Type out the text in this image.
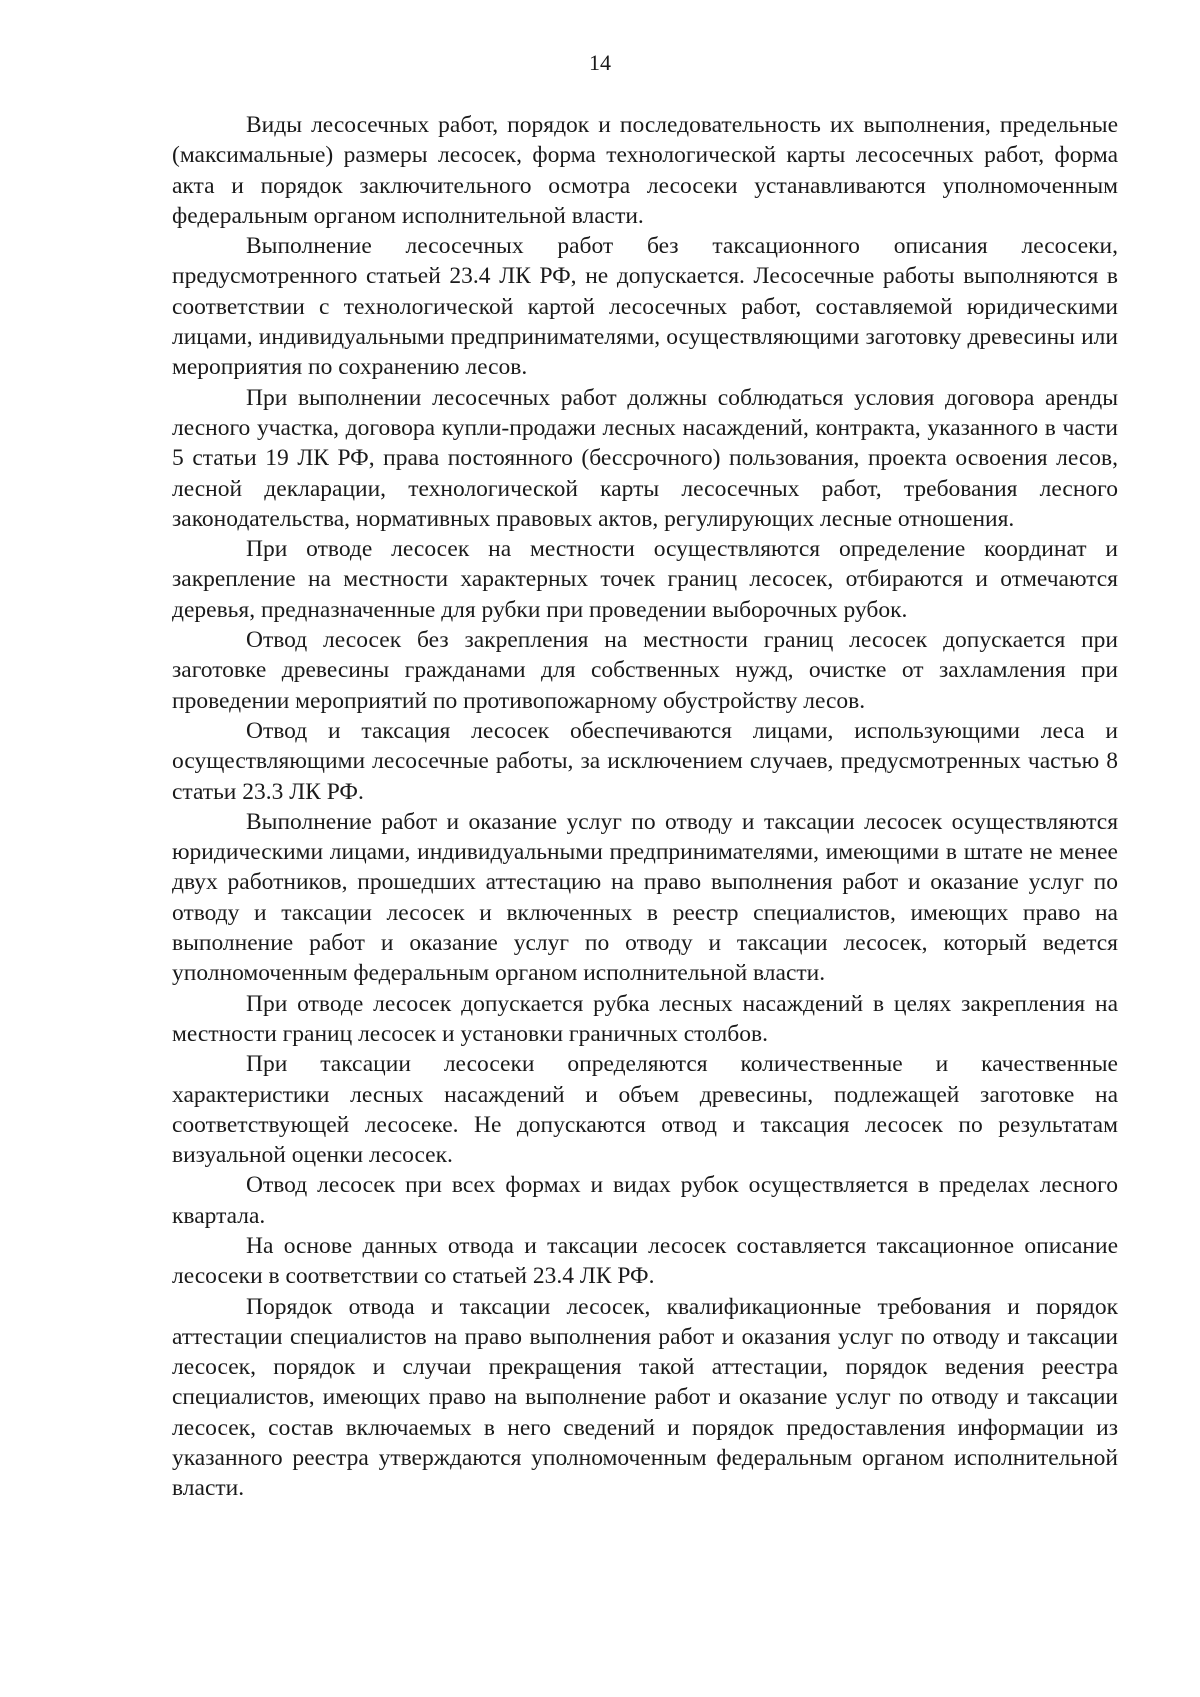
14

Виды лесосечных работ, порядок и последовательность их выполнения, предельные (максимальные) размеры лесосек, форма технологической карты лесосечных работ, форма акта и порядок заключительного осмотра лесосеки устанавливаются уполномоченным федеральным органом исполнительной власти.

Выполнение лесосечных работ без таксационного описания лесосеки, предусмотренного статьей 23.4 ЛК РФ, не допускается. Лесосечные работы выполняются в соответствии с технологической картой лесосечных работ, составляемой юридическими лицами, индивидуальными предпринимателями, осуществляющими заготовку древесины или мероприятия по сохранению лесов.

При выполнении лесосечных работ должны соблюдаться условия договора аренды лесного участка, договора купли-продажи лесных насаждений, контракта, указанного в части 5 статьи 19 ЛК РФ, права постоянного (бессрочного) пользования, проекта освоения лесов, лесной декларации, технологической карты лесосечных работ, требования лесного законодательства, нормативных правовых актов, регулирующих лесные отношения.

При отводе лесосек на местности осуществляются определение координат и закрепление на местности характерных точек границ лесосек, отбираются и отмечаются деревья, предназначенные для рубки при проведении выборочных рубок.

Отвод лесосек без закрепления на местности границ лесосек допускается при заготовке древесины гражданами для собственных нужд, очистке от захламления при проведении мероприятий по противопожарному обустройству лесов.

Отвод и таксация лесосек обеспечиваются лицами, использующими леса и осуществляющими лесосечные работы, за исключением случаев, предусмотренных частью 8 статьи 23.3 ЛК РФ.

Выполнение работ и оказание услуг по отводу и таксации лесосек осуществляются юридическими лицами, индивидуальными предпринимателями, имеющими в штате не менее двух работников, прошедших аттестацию на право выполнения работ и оказание услуг по отводу и таксации лесосек и включенных в реестр специалистов, имеющих право на выполнение работ и оказание услуг по отводу и таксации лесосек, который ведется уполномоченным федеральным органом исполнительной власти.

При отводе лесосек допускается рубка лесных насаждений в целях закрепления на местности границ лесосек и установки граничных столбов.

При таксации лесосеки определяются количественные и качественные характеристики лесных насаждений и объем древесины, подлежащей заготовке на соответствующей лесосеке. Не допускаются отвод и таксация лесосек по результатам визуальной оценки лесосек.

Отвод лесосек при всех формах и видах рубок осуществляется в пределах лесного квартала.

На основе данных отвода и таксации лесосек составляется таксационное описание лесосеки в соответствии со статьей 23.4 ЛК РФ.

Порядок отвода и таксации лесосек, квалификационные требования и порядок аттестации специалистов на право выполнения работ и оказания услуг по отводу и таксации лесосек, порядок и случаи прекращения такой аттестации, порядок ведения реестра специалистов, имеющих право на выполнение работ и оказание услуг по отводу и таксации лесосек, состав включаемых в него сведений и порядок предоставления информации из указанного реестра утверждаются уполномоченным федеральным органом исполнительной власти.
